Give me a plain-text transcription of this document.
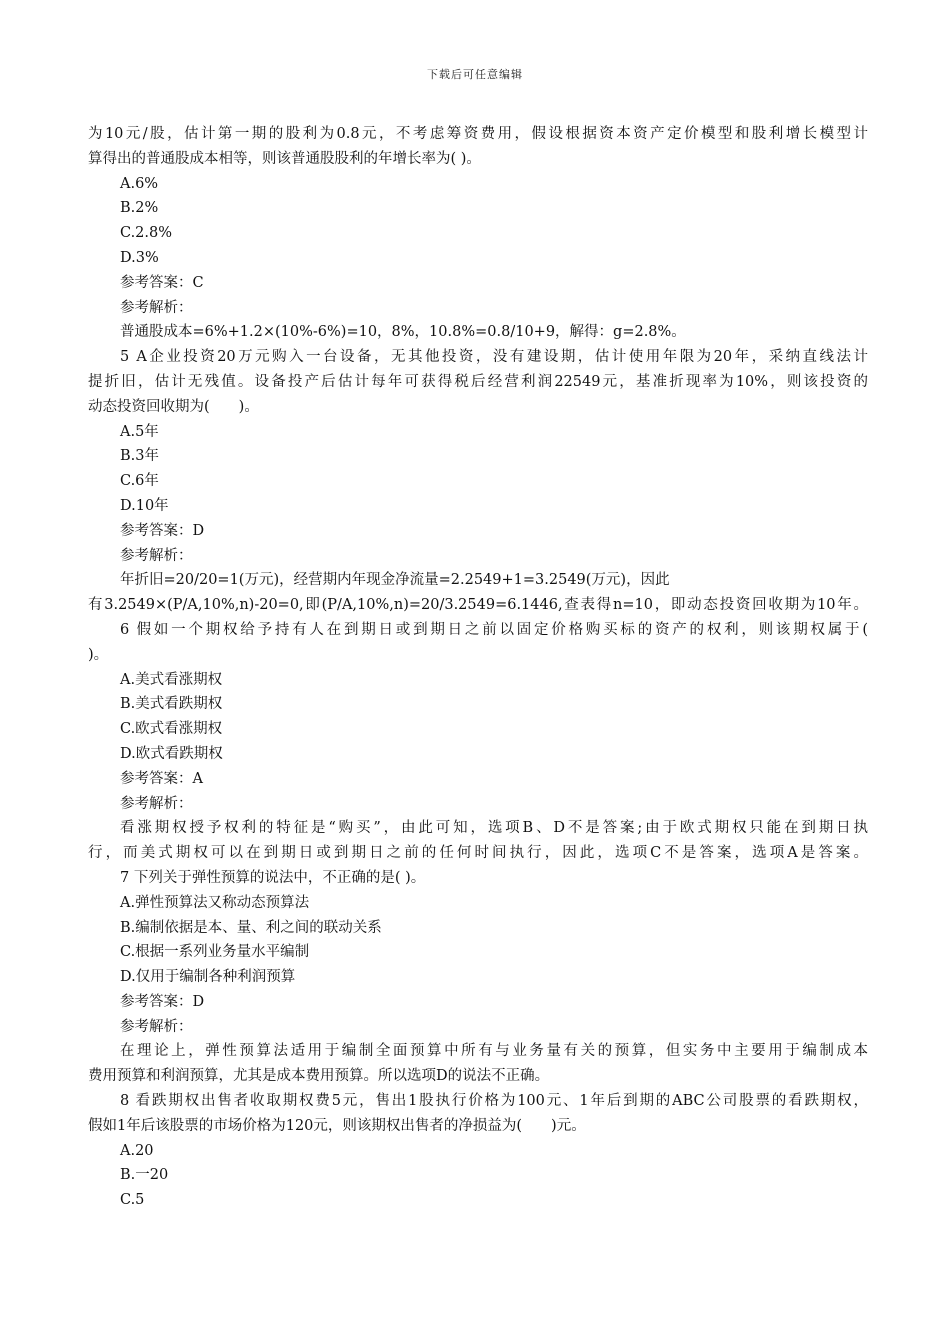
下载后可任意编辑
为10元/股，估计第一期的股利为0.8元，不考虑筹资费用，假设根据资本资产定价模型和股利增长模型计
算得出的普通股成本相等，则该普通股股利的年增长率为( )。
A.6%
B.2%
C.2.8%
D.3%
参考答案：C
参考解析：
普通股成本=6%+1.2×(10%-6%)=10，8%，10.8%=0.8/10+9，解得：g=2.8%。
5 A企业投资20万元购入一台设备，无其他投资，没有建设期，估计使用年限为20年，采纳直线法计
提折旧，估计无残值。设备投产后估计每年可获得税后经营利润22549元，基准折现率为10%，则该投资的
动态投资回收期为(　　)。
A.5年
B.3年
C.6年
D.10年
参考答案：D
参考解析：
年折旧=20/20=1(万元)，经营期内年现金净流量=2.2549+1=3.2549(万元)，因此
有3.2549×(P/A,10%,n)-20=0,即(P/A,10%,n)=20/3.2549=6.1446,查表得n=10，即动态投资回收期为10年。
6 假如一个期权给予持有人在到期日或到期日之前以固定价格购买标的资产的权利，则该期权属于(
)。
A.美式看涨期权
B.美式看跌期权
C.欧式看涨期权
D.欧式看跌期权
参考答案：A
参考解析：
看涨期权授予权利的特征是“购买”，由此可知，选项B、D不是答案;由于欧式期权只能在到期日执
行，而美式期权可以在到期日或到期日之前的任何时间执行，因此，选项C不是答案，选项A是答案。
7 下列关于弹性预算的说法中，不正确的是( )。
A.弹性预算法又称动态预算法
B.编制依据是本、量、利之间的联动关系
C.根据一系列业务量水平编制
D.仅用于编制各种利润预算
参考答案：D
参考解析：
在理论上，弹性预算法适用于编制全面预算中所有与业务量有关的预算，但实务中主要用于编制成本
费用预算和利润预算，尤其是成本费用预算。所以选项D的说法不正确。
8 看跌期权出售者收取期权费5元，售出1股执行价格为100元、1年后到期的ABC公司股票的看跌期权，
假如1年后该股票的市场价格为120元，则该期权出售者的净损益为(　　)元。
A.20
B.一20
C.5
